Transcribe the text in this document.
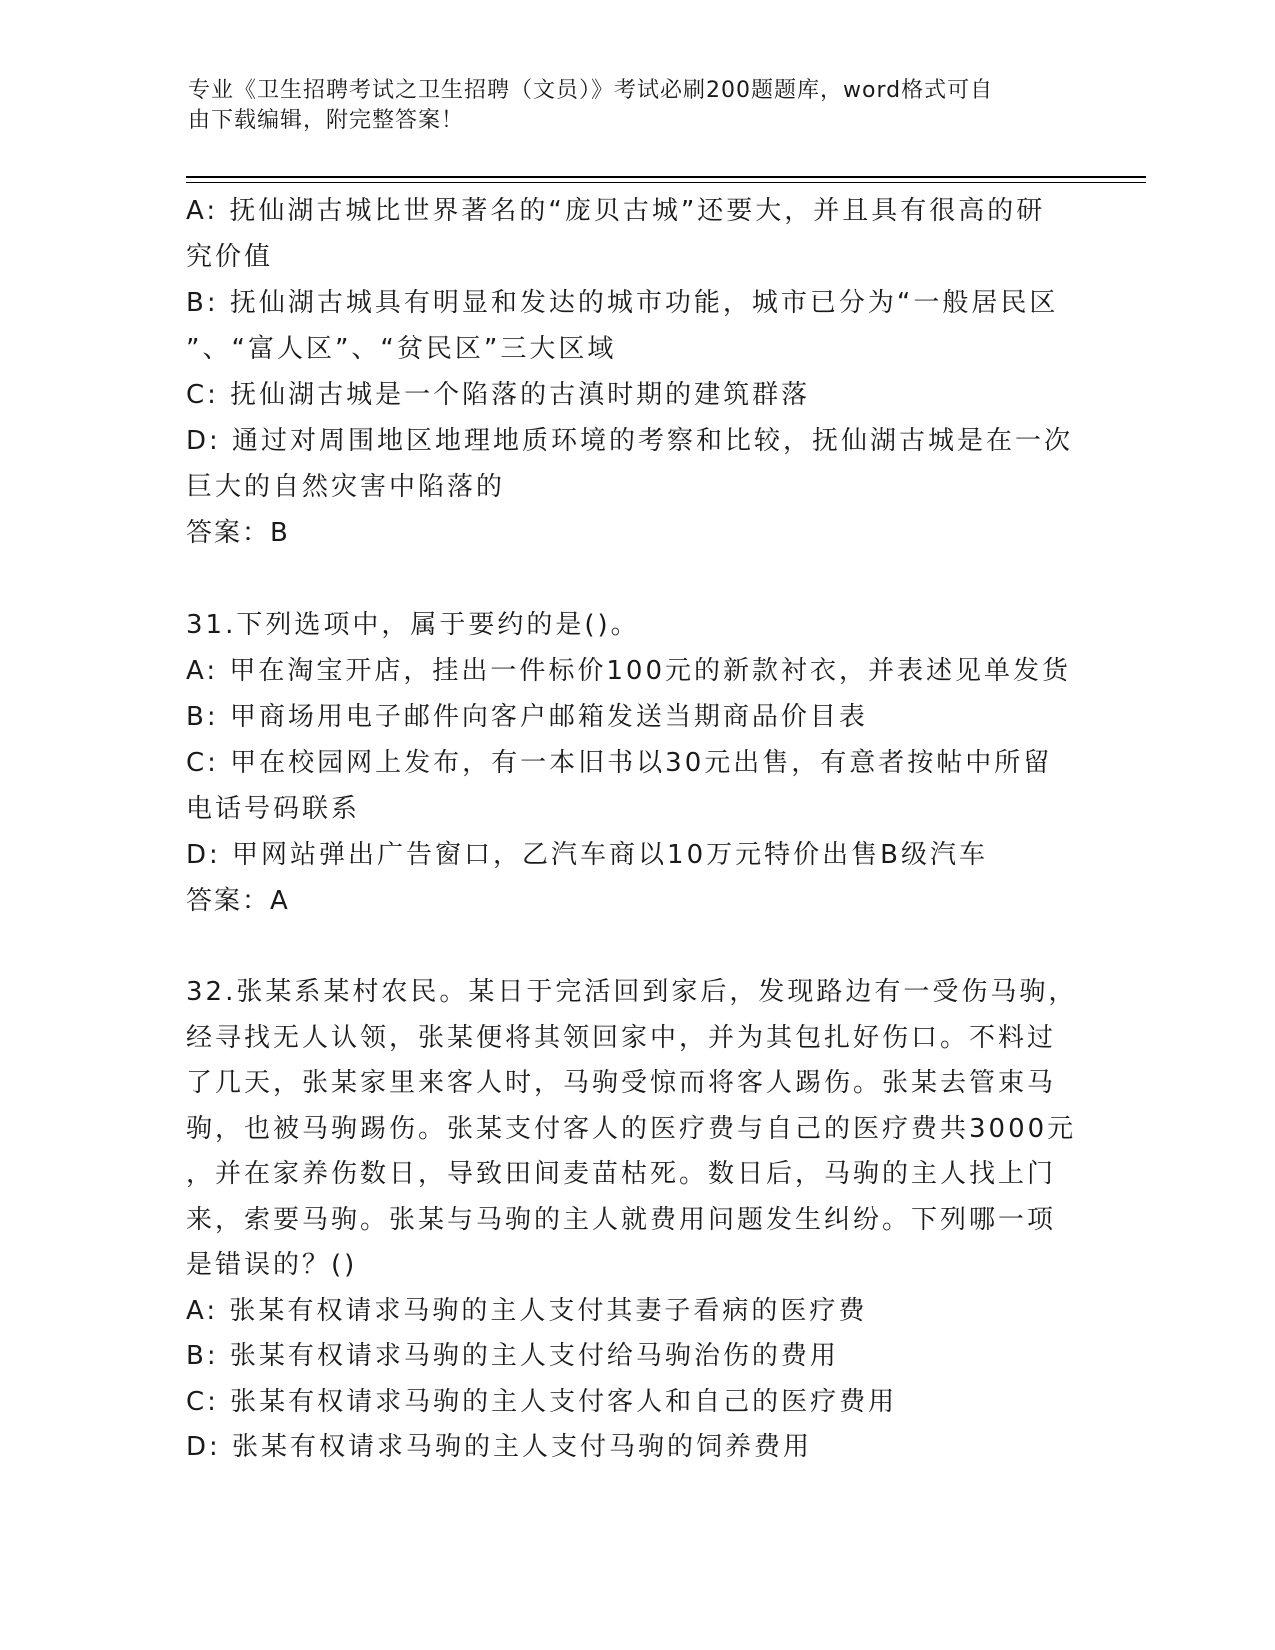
专业《卫生招聘考试之卫生招聘（文员）》考试必刷200题题库，word格式可自
由下载编辑，附完整答案！
A: 抚仙湖古城比世界著名的“庞贝古城”还要大，并且具有很高的研
究价值
B: 抚仙湖古城具有明显和发达的城市功能，城市已分为“一般居民区
”、“富人区”、“贫民区”三大区域
C: 抚仙湖古城是一个陷落的古滇时期的建筑群落
D: 通过对周围地区地理地质环境的考察和比较，抚仙湖古城是在一次
巨大的自然灾害中陷落的
答案：B
31.下列选项中，属于要约的是()。
A: 甲在淘宝开店，挂出一件标价100元的新款衬衣，并表述见单发货
B: 甲商场用电子邮件向客户邮箱发送当期商品价目表
C: 甲在校园网上发布，有一本旧书以30元出售，有意者按帖中所留
电话号码联系
D: 甲网站弹出广告窗口，乙汽车商以10万元特价出售B级汽车
答案：A
32.张某系某村农民。某日于完活回到家后，发现路边有一受伤马驹，
经寻找无人认领，张某便将其领回家中，并为其包扎好伤口。不料过
了几天，张某家里来客人时，马驹受惊而将客人踢伤。张某去管束马
驹，也被马驹踢伤。张某支付客人的医疗费与自己的医疗费共3000元
，并在家养伤数日，导致田间麦苗枯死。数日后，马驹的主人找上门
来，索要马驹。张某与马驹的主人就费用问题发生纠纷。下列哪一项
是错误的？()
A: 张某有权请求马驹的主人支付其妻子看病的医疗费
B: 张某有权请求马驹的主人支付给马驹治伤的费用
C: 张某有权请求马驹的主人支付客人和自己的医疗费用
D: 张某有权请求马驹的主人支付马驹的饲养费用
